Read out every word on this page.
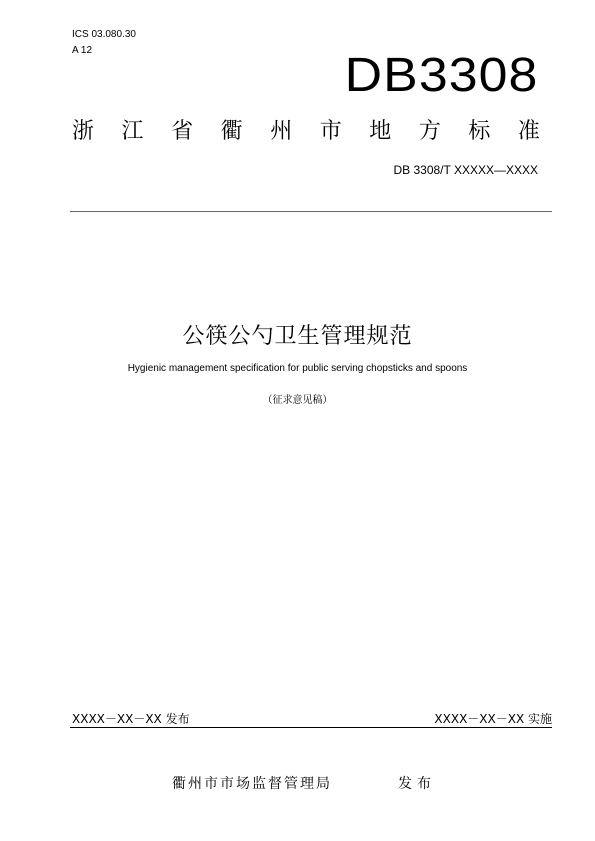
ICS 03.080.30
A 12	DB3308
浙 江 省 衢 州 市 地 方 标 准
DB 3308/T XXXXX—XXXX
公筷公勺卫生管理规范
Hygienic management specification for public serving chopsticks and spoons
（征求意见稿）
XXXX－XX－XX 发布	XXXX－XX－XX 实施
衢州市市场监督管理局	发布
